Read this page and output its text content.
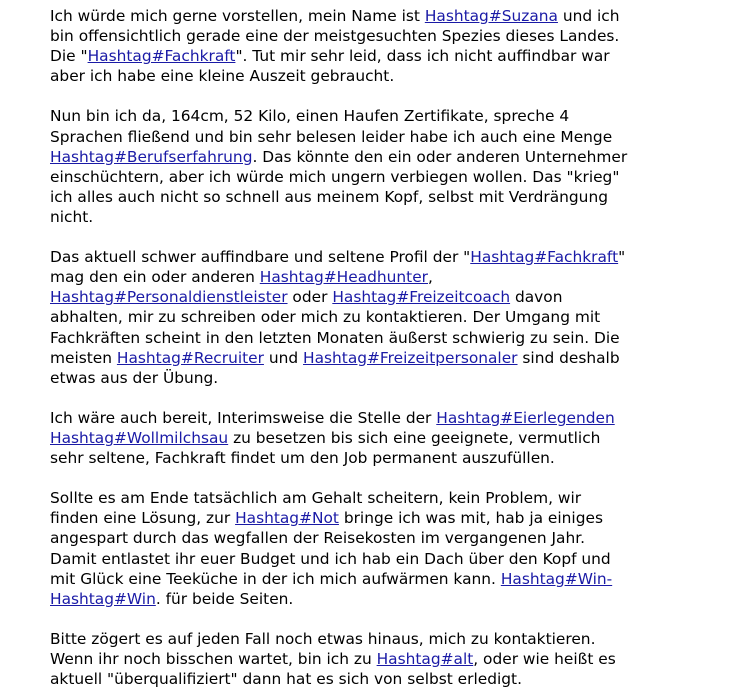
Ich würde mich gerne vorstellen, mein Name ist Hashtag#Suzana und ich
bin offensichtlich gerade eine der meistgesuchten Spezies dieses Landes.
Die "Hashtag#Fachkraft". Tut mir sehr leid, dass ich nicht auffindbar war
aber ich habe eine kleine Auszeit gebraucht.

Nun bin ich da, 164cm, 52 Kilo, einen Haufen Zertifikate, spreche 4
Sprachen fließend und bin sehr belesen leider habe ich auch eine Menge
Hashtag#Berufserfahrung. Das könnte den ein oder anderen Unternehmer
einschüchtern, aber ich würde mich ungern verbiegen wollen. Das "krieg"
ich alles auch nicht so schnell aus meinem Kopf, selbst mit Verdrängung
nicht.

Das aktuell schwer auffindbare und seltene Profil der "Hashtag#Fachkraft"
mag den ein oder anderen Hashtag#Headhunter,
Hashtag#Personaldienstleister oder Hashtag#Freizeitcoach davon
abhalten, mir zu schreiben oder mich zu kontaktieren. Der Umgang mit
Fachkräften scheint in den letzten Monaten äußerst schwierig zu sein. Die
meisten Hashtag#Recruiter und Hashtag#Freizeitpersonaler sind deshalb
etwas aus der Übung.

Ich wäre auch bereit, Interimsweise die Stelle der Hashtag#Eierlegenden
Hashtag#Wollmilchsau zu besetzen bis sich eine geeignete, vermutlich
sehr seltene, Fachkraft findet um den Job permanent auszufüllen.

Sollte es am Ende tatsächlich am Gehalt scheitern, kein Problem, wir
finden eine Lösung, zur Hashtag#Not bringe ich was mit, hab ja einiges
angespart durch das wegfallen der Reisekosten im vergangenen Jahr.
Damit entlastet ihr euer Budget und ich hab ein Dach über den Kopf und
mit Glück eine Teeküche in der ich mich aufwärmen kann. Hashtag#Win-
Hashtag#Win. für beide Seiten.

Bitte zögert es auf jeden Fall noch etwas hinaus, mich zu kontaktieren.
Wenn ihr noch bisschen wartet, bin ich zu Hashtag#alt, oder wie heißt es
aktuell "überqualifiziert" dann hat es sich von selbst erledigt.
